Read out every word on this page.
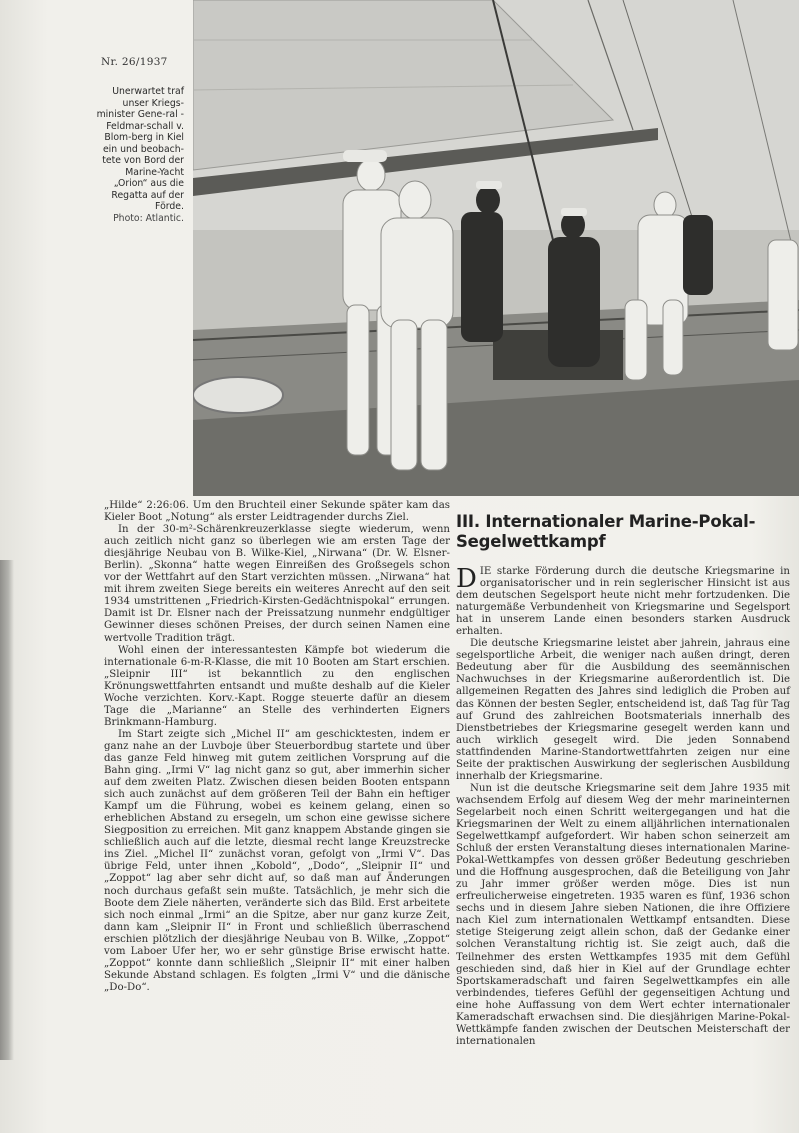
Nr. 26/1937
Unerwartet traf unser Kriegs-minister Gene-ral - Feldmar-schall v. Blom-berg in Kiel ein und beobach-tete von Bord der Marine-Yacht „Orion“ aus die Regatta auf der Förde.
Photo: Atlantic.

„Hilde“ 2:26:06. Um den Bruchteil einer Sekunde später kam das Kieler Boot „Notung“ als erster Leidtragender durchs Ziel.

In der 30-m²-Schärenkreuzerklasse siegte wiederum, wenn auch zeitlich nicht ganz so überlegen wie am ersten Tage der diesjährige Neubau von B. Wilke-Kiel, „Nirwana“ (Dr. W. Elsner-Berlin). „Skonna“ hatte wegen Einreißen des Großsegels schon vor der Wettfahrt auf den Start verzichten müssen. „Nirwana“ hat mit ihrem zweiten Siege bereits ein weiteres Anrecht auf den seit 1934 umstrittenen „Friedrich-Kirsten-Gedächtnispokal“ errungen. Damit ist Dr. Elsner nach der Preissatzung nunmehr endgültiger Gewinner dieses schönen Preises, der durch seinen Namen eine wertvolle Tradition trägt.

Wohl einen der interessantesten Kämpfe bot wiederum die internationale 6-m-R-Klasse, die mit 10 Booten am Start erschien. „Sleipnir III“ ist bekanntlich zu den englischen Krönungswettfahrten entsandt und mußte deshalb auf die Kieler Woche verzichten. Korv.-Kapt. Rogge steuerte dafür an diesem Tage die „Marianne“ an Stelle des verhinderten Eigners Brinkmann-Hamburg.

Im Start zeigte sich „Michel II“ am geschicktesten, indem er ganz nahe an der Luvboje über Steuerbordbug startete und über das ganze Feld hinweg mit gutem zeitlichen Vorsprung auf die Bahn ging. „Irmi V“ lag nicht ganz so gut, aber immerhin sicher auf dem zweiten Platz. Zwischen diesen beiden Booten entspann sich auch zunächst auf dem größeren Teil der Bahn ein heftiger Kampf um die Führung, wobei es keinem gelang, einen so erheblichen Abstand zu ersegeln, um schon eine gewisse sichere Siegposition zu erreichen. Mit ganz knappem Abstande gingen sie schließlich auch auf die letzte, diesmal recht lange Kreuzstrecke ins Ziel. „Michel II“ zunächst voran, gefolgt von „Irmi V“. Das übrige Feld, unter ihnen „Kobold“, „Dodo“, „Sleipnir II“ und „Zoppot“ lag aber sehr dicht auf, so daß man auf Änderungen noch durchaus gefaßt sein mußte. Tatsächlich, je mehr sich die Boote dem Ziele näherten, veränderte sich das Bild. Erst arbeitete sich noch einmal „Irmi“ an die Spitze, aber nur ganz kurze Zeit, dann kam „Sleipnir II“ in Front und schließlich überraschend erschien plötzlich der diesjährige Neubau von B. Wilke, „Zoppot“ vom Laboer Ufer her, wo er sehr günstige Brise erwischt hatte. „Zoppot“ konnte dann schließlich „Sleipnir II“ mit einer halben Sekunde Abstand schlagen. Es folgten „Irmi V“ und die dänische „Do-Do“.

III. Internationaler Marine-Pokal-Segelwettkampf

DIE starke Förderung durch die deutsche Kriegsmarine in organisatorischer und in rein seglerischer Hinsicht ist aus dem deutschen Segelsport heute nicht mehr fortzudenken. Die naturgemäße Verbundenheit von Kriegsmarine und Segelsport hat in unserem Lande einen besonders starken Ausdruck erhalten.

Die deutsche Kriegsmarine leistet aber jahrein, jahraus eine segelsportliche Arbeit, die weniger nach außen dringt, deren Bedeutung aber für die Ausbildung des seemännischen Nachwuchses in der Kriegsmarine außerordentlich ist. Die allgemeinen Regatten des Jahres sind lediglich die Proben auf das Können der besten Segler, entscheidend ist, daß Tag für Tag auf Grund des zahlreichen Bootsmaterials innerhalb des Dienstbetriebes der Kriegsmarine gesegelt werden kann und auch wirklich gesegelt wird. Die jeden Sonnabend stattfindenden Marine-Standortwettfahrten zeigen nur eine Seite der praktischen Auswirkung der seglerischen Ausbildung innerhalb der Kriegsmarine.

Nun ist die deutsche Kriegsmarine seit dem Jahre 1935 mit wachsendem Erfolg auf diesem Weg der mehr marineinternen Segelarbeit noch einen Schritt weitergegangen und hat die Kriegsmarinen der Welt zu einem alljährlichen internationalen Segelwettkampf aufgefordert. Wir haben schon seinerzeit am Schluß der ersten Veranstaltung dieses internationalen Marine-Pokal-Wettkampfes von dessen größer Bedeutung geschrieben und die Hoffnung ausgesprochen, daß die Beteiligung von Jahr zu Jahr immer größer werden möge. Dies ist nun erfreulicherweise eingetreten. 1935 waren es fünf, 1936 schon sechs und in diesem Jahre sieben Nationen, die ihre Offiziere nach Kiel zum internationalen Wettkampf entsandten. Diese stetige Steigerung zeigt allein schon, daß der Gedanke einer solchen Veranstaltung richtig ist. Sie zeigt auch, daß die Teilnehmer des ersten Wettkampfes 1935 mit dem Gefühl geschieden sind, daß hier in Kiel auf der Grundlage echter Sportskameradschaft und fairen Segelwettkampfes ein alle verbindendes, tieferes Gefühl der gegenseitigen Achtung und eine hohe Auffassung von dem Wert echter internationaler Kameradschaft erwachsen sind. Die diesjährigen Marine-Pokal-Wettkämpfe fanden zwischen der Deutschen Meisterschaft der internationalen
